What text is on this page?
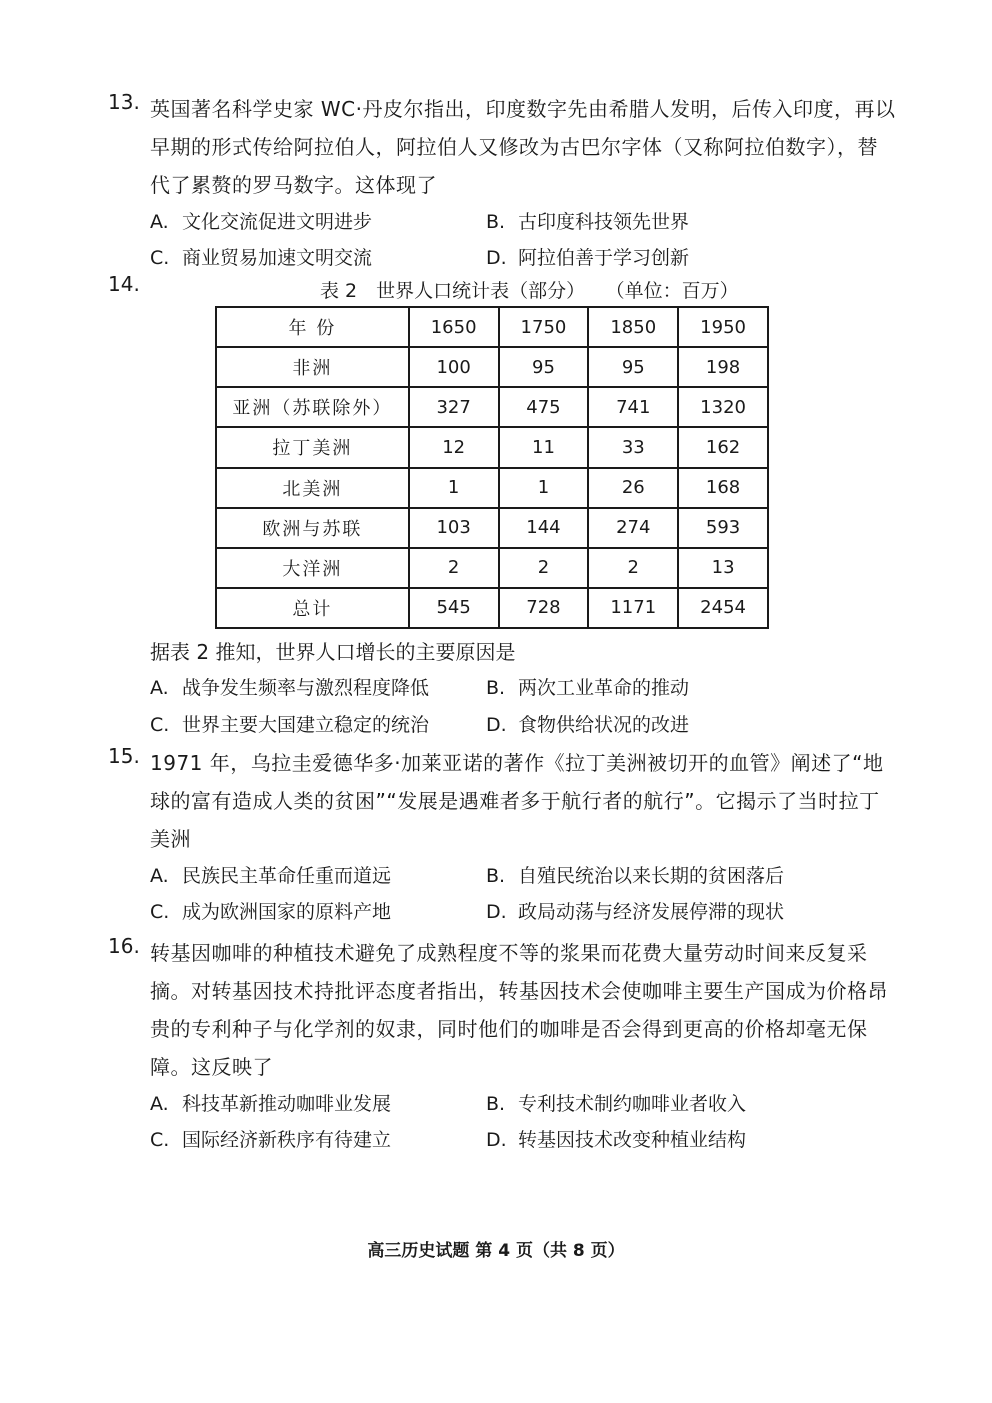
13. 英国著名科学史家 WC·丹皮尔指出，印度数字先由希腊人发明，后传入印度，再以早期的形式传给阿拉伯人，阿拉伯人又修改为古巴尔字体（又称阿拉伯数字），替代了累赘的罗马数字。这体现了
A. 文化交流促进文明进步	B. 古印度科技领先世界
C. 商业贸易加速文明交流	D. 阿拉伯善于学习创新
14.	表 2　世界人口统计表（部分） （单位：百万）
年 份	1650	1750	1850	1950
非洲	100	95	95	198
亚洲（苏联除外）	327	475	741	1320
拉丁美洲	12	11	33	162
北美洲	1	1	26	168
欧洲与苏联	103	144	274	593
大洋洲	2	2	2	13
总计	545	728	1171	2454
据表 2 推知，世界人口增长的主要原因是
A. 战争发生频率与激烈程度降低	B. 两次工业革命的推动
C. 世界主要大国建立稳定的统治	D. 食物供给状况的改进
15. 1971 年，乌拉圭爱德华多·加莱亚诺的著作《拉丁美洲被切开的血管》阐述了“地球的富有造成人类的贫困”“发展是遇难者多于航行者的航行”。它揭示了当时拉丁美洲
A. 民族民主革命任重而道远	B. 自殖民统治以来长期的贫困落后
C. 成为欧洲国家的原料产地	D. 政局动荡与经济发展停滞的现状
16. 转基因咖啡的种植技术避免了成熟程度不等的浆果而花费大量劳动时间来反复采摘。对转基因技术持批评态度者指出，转基因技术会使咖啡主要生产国成为价格昂贵的专利种子与化学剂的奴隶，同时他们的咖啡是否会得到更高的价格却毫无保障。这反映了
A. 科技革新推动咖啡业发展	B. 专利技术制约咖啡业者收入
C. 国际经济新秩序有待建立	D. 转基因技术改变种植业结构
高三历史试题 第 4 页（共 8 页）
